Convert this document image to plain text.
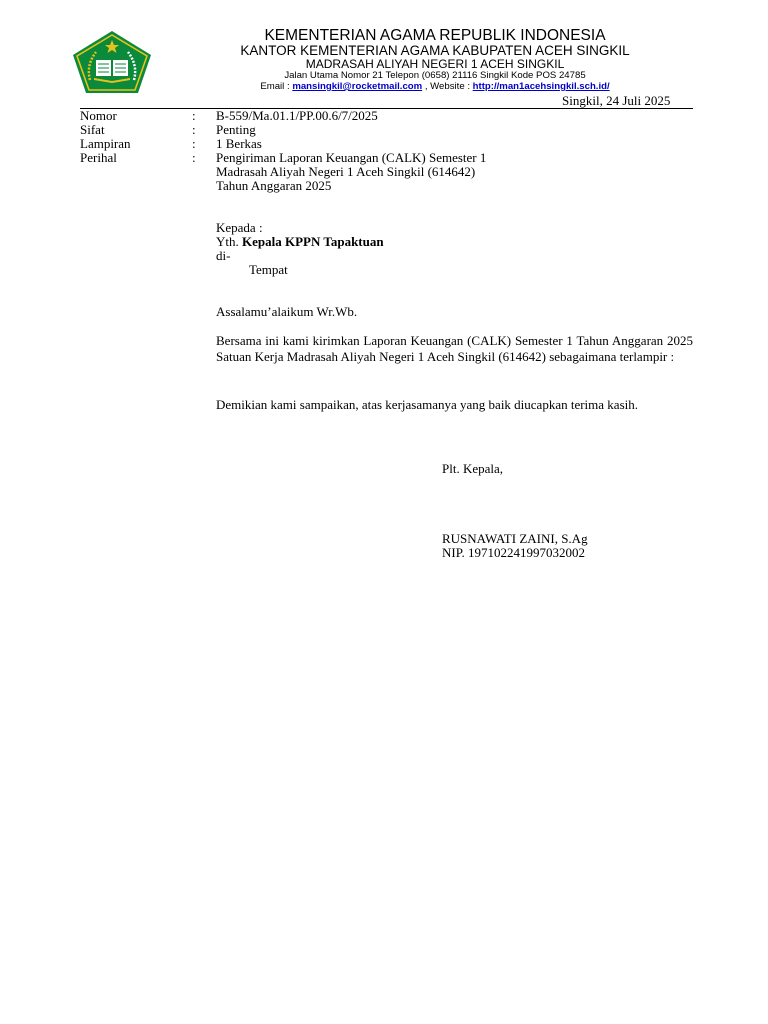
KEMENTERIAN AGAMA REPUBLIK INDONESIA
KANTOR KEMENTERIAN AGAMA KABUPATEN ACEH SINGKIL
MADRASAH ALIYAH NEGERI 1 ACEH SINGKIL
Jalan Utama Nomor 21 Telepon (0658) 21116 Singkil Kode POS 24785
Email : mansingkil@rocketmail.com , Website : http://man1acehsingkil.sch.id/
Singkil, 24 Juli 2025
Nomor	: B-559/Ma.01.1/PP.00.6/7/2025
Sifat	: Penting
Lampiran	: 1 Berkas
Perihal	: Pengiriman Laporan Keuangan (CALK) Semester 1
Madrasah Aliyah Negeri 1 Aceh Singkil (614642)
Tahun Anggaran 2025
Kepada :
Yth. Kepala KPPN Tapaktuan
di-
Tempat
Assalamu’alaikum Wr.Wb.
Bersama ini kami kirimkan Laporan Keuangan (CALK) Semester 1 Tahun Anggaran 2025 Satuan Kerja Madrasah Aliyah Negeri 1 Aceh Singkil (614642) sebagaimana terlampir :
Demikian kami sampaikan, atas kerjasamanya yang baik diucapkan terima kasih.
Plt. Kepala,
RUSNAWATI ZAINI, S.Ag
NIP. 197102241997032002
